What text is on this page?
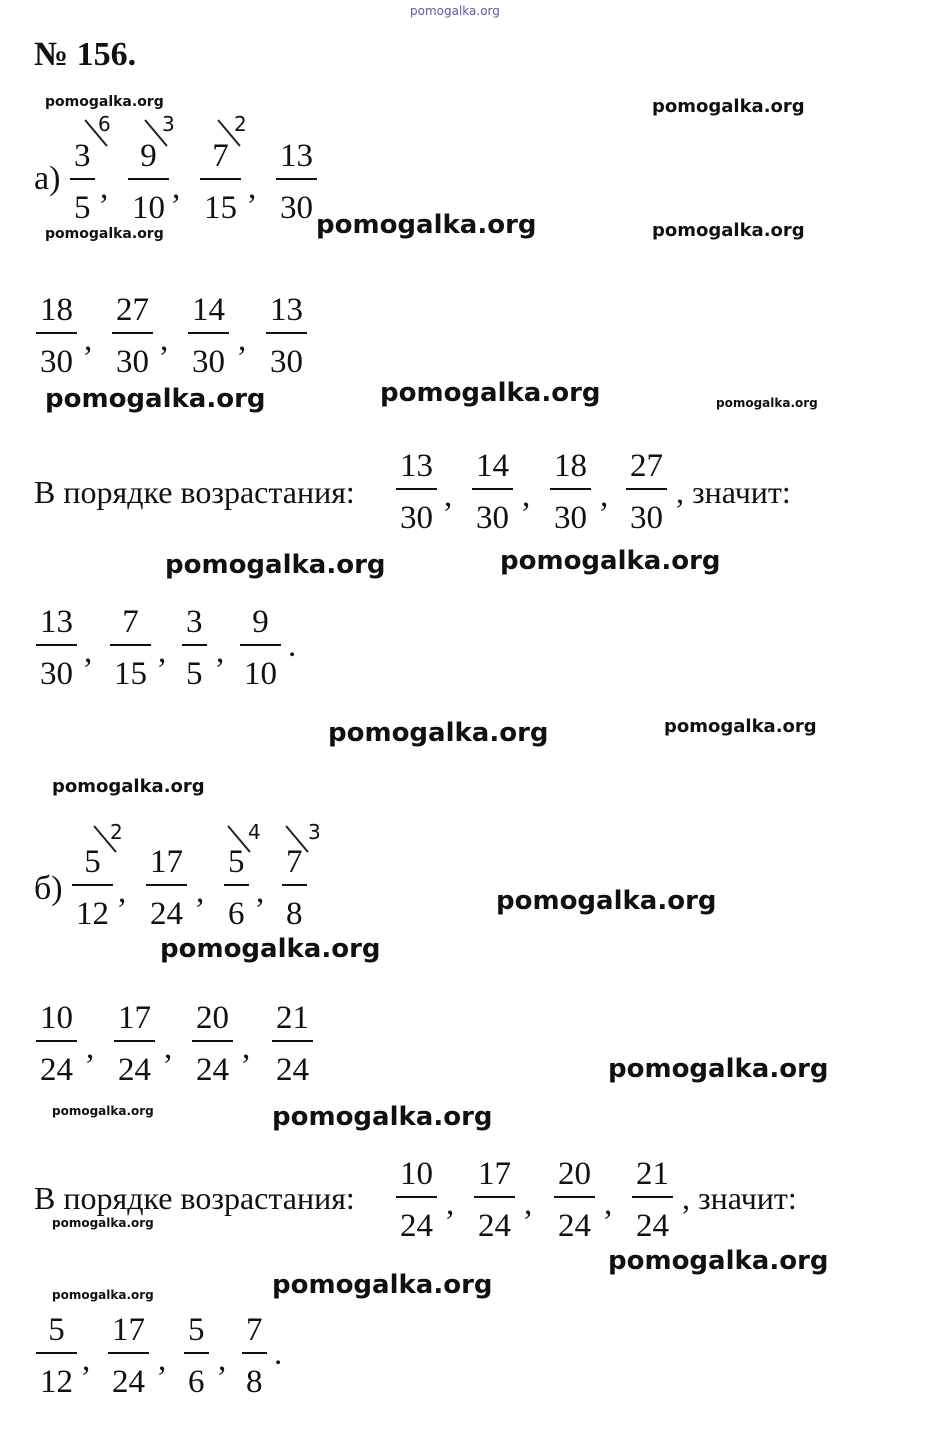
pomogalka.org
pomogalka.org	pomogalka.org
pomogalka.org	pomogalka.org	pomogalka.org
pomogalka.org	pomogalka.org	pomogalka.org
pomogalka.org	pomogalka.org
pomogalka.org	pomogalka.org
pomogalka.org
pomogalka.org
pomogalka.org
pomogalka.org
pomogalka.org	pomogalka.org
pomogalka.org
pomogalka.org
pomogalka.org	pomogalka.org
№ 156.
а)
3
5
6
,
9
10
3
,
7
15
2
,
13
30
18
30
,
27
30
,
14
30
,
13
30
В порядке возрастания:
13
30
,
14
30
,
18
30
,
27
30
, значит:
13
30
,
7
15
,
3
5
,
9
10
.
б)
5
12
2
,
17
24
,
5
6
4
,
7
8
3
10
24
,
17
24
,
20
24
,
21
24
В порядке возрастания:
10
24
,
17
24
,
20
24
,
21
24
, значит:
5
12
,
17
24
,
5
6
,
7
8
.
